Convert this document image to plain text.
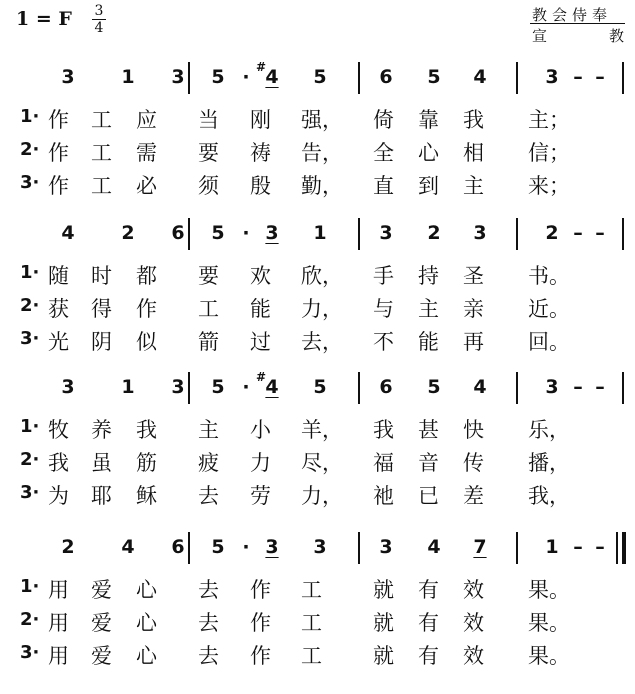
1 = F 3
4
教会侍奉
宣	教
3 1 3 5 · 4
# 5	6 5 4	3 – –
1· 作 工 应 当 刚 强， 倚 靠 我 主；
2· 作 工 需 要 祷 告， 全 心 相 信；
3· 作 工 必 须 殷 勤， 直 到 主 来；
4 2 6 5 · 3 1	3 2 3	2 – –
1· 随 时 都 要 欢 欣， 手 持 圣 书。
2· 获 得 作 工 能 力， 与 主 亲 近。
3· 光 阴 似 箭 过 去， 不 能 再 回。
3 1 3 5 · 4
# 5	6 5 4	3 – –
1· 牧 养 我 主 小 羊， 我 甚 快 乐，
2· 我 虽 筋 疲 力 尽， 福 音 传 播，
3· 为 耶 稣 去 劳 力， 祂 已 差 我，
2 4 6 5 · 3 3	3 4 7	1 – –
1· 用 爱 心 去 作 工 就 有 效 果。
2· 用 爱 心 去 作 工 就 有 效 果。
3· 用 爱 心 去 作 工 就 有 效 果。
